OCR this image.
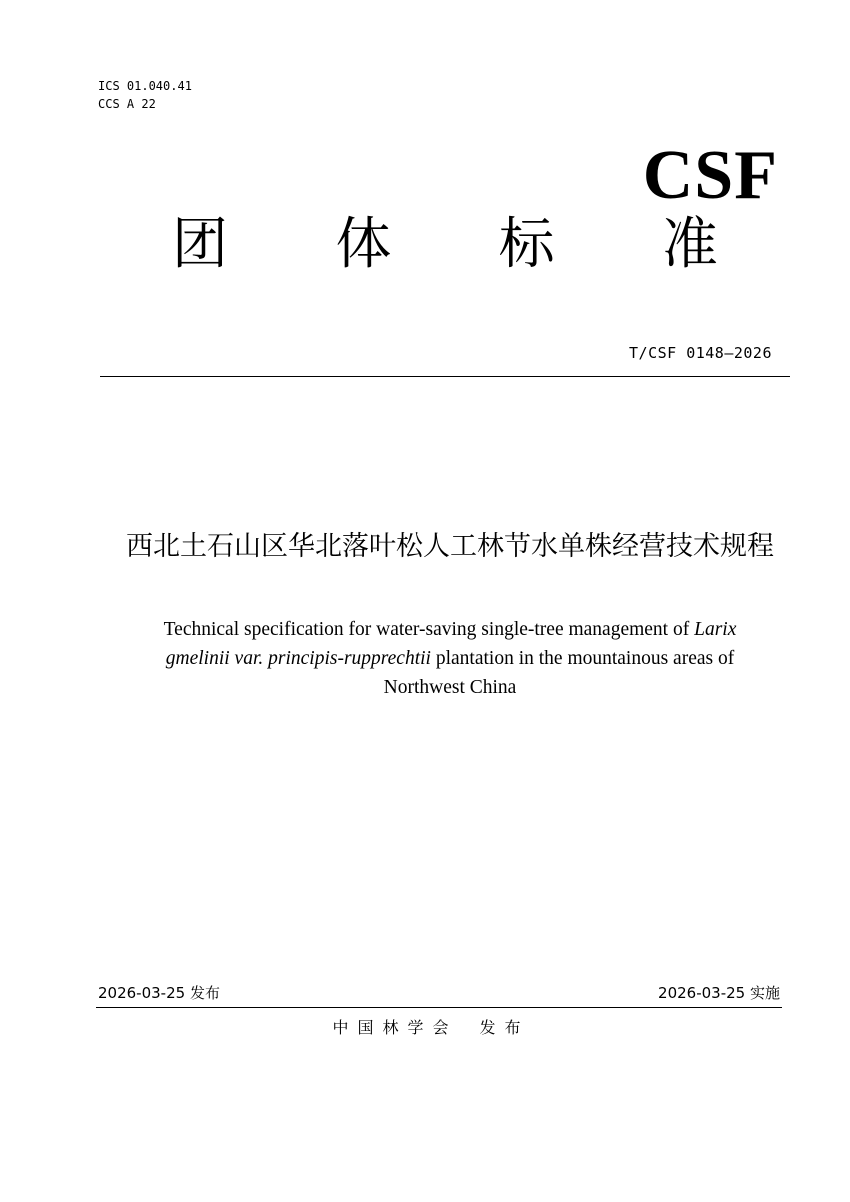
ICS 01.040.41
CCS A 22
CSF
团 体 标 准
T/CSF 0148—2026
西北土石山区华北落叶松人工林节水单株经营技术规程
Technical specification for water-saving single-tree management of Larix
gmelinii var. principis-rupprechtii plantation in the mountainous areas of
Northwest China
2026-03-25 发布	2026-03-25 实施
中国林学会 发布
